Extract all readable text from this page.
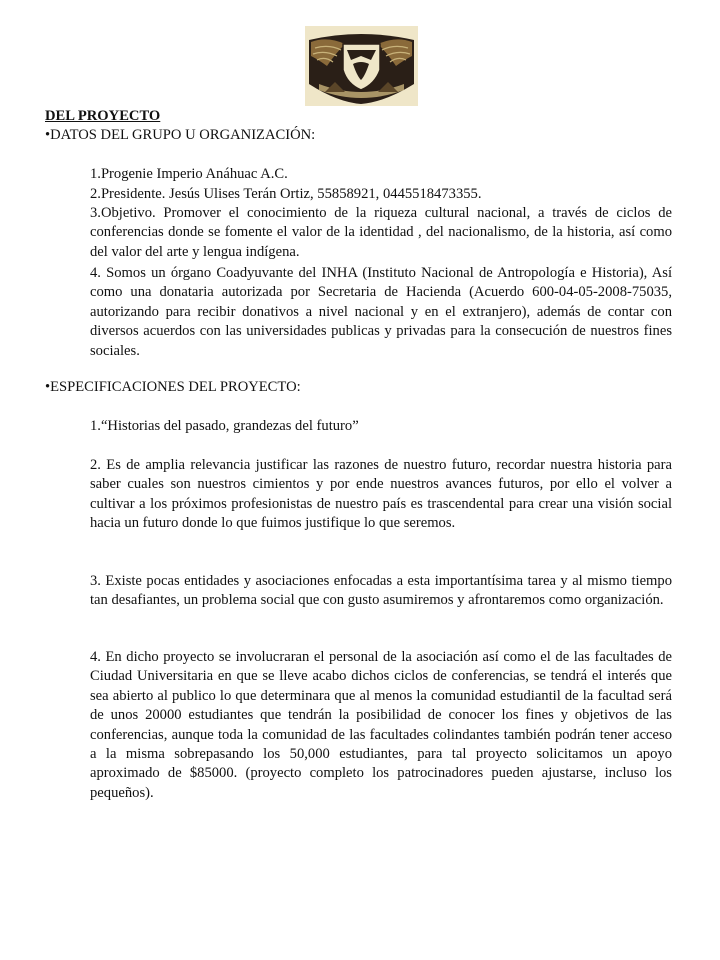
DEL PROYECTO
•DATOS DEL GRUPO U ORGANIZACIÓN:

1.Progenie Imperio Anáhuac A.C.

2.Presidente. Jesús Ulises Terán Ortiz, 55858921, 0445518473355.

3.Objetivo. Promover el conocimiento de la riqueza cultural nacional, a través de ciclos de conferencias donde se fomente el valor de la identidad , del nacionalismo, de la historia, así como del valor del arte y lengua indígena.

4. Somos un órgano Coadyuvante del INHA (Instituto Nacional de Antropología e Historia), Así como una donataria autorizada por Secretaria de Hacienda (Acuerdo 600-04-05-2008-75035, autorizando para recibir donativos a nivel nacional y en el extranjero), además de contar con diversos acuerdos con las universidades publicas y privadas para la consecución de nuestros fines sociales.

•ESPECIFICACIONES DEL PROYECTO:

1.“Historias del pasado, grandezas del futuro”

2. Es de amplia relevancia justificar las razones de nuestro futuro, recordar nuestra historia para saber cuales son nuestros cimientos y por ende nuestros avances futuros, por ello el volver a cultivar a los próximos profesionistas de nuestro país es trascendental para crear una visión social hacia un futuro donde lo que fuimos justifique lo que seremos.

3. Existe pocas entidades y asociaciones enfocadas a esta importantísima tarea y al mismo tiempo tan desafiantes, un problema social que con gusto asumiremos y afrontaremos como organización.

4. En dicho proyecto se involucraran el personal de la asociación así como el de las facultades de Ciudad Universitaria en que se lleve acabo dichos ciclos de conferencias, se tendrá el interés que sea abierto al publico lo que determinara que al menos la comunidad estudiantil de la facultad será de unos 20000 estudiantes que tendrán la posibilidad de conocer los fines y objetivos de las conferencias, aunque toda la comunidad de las facultades colindantes también podrán tener acceso a la misma sobrepasando los 50,000 estudiantes, para tal proyecto solicitamos un apoyo aproximado de $85000. (proyecto completo los patrocinadores pueden ajustarse, incluso los pequeños).
